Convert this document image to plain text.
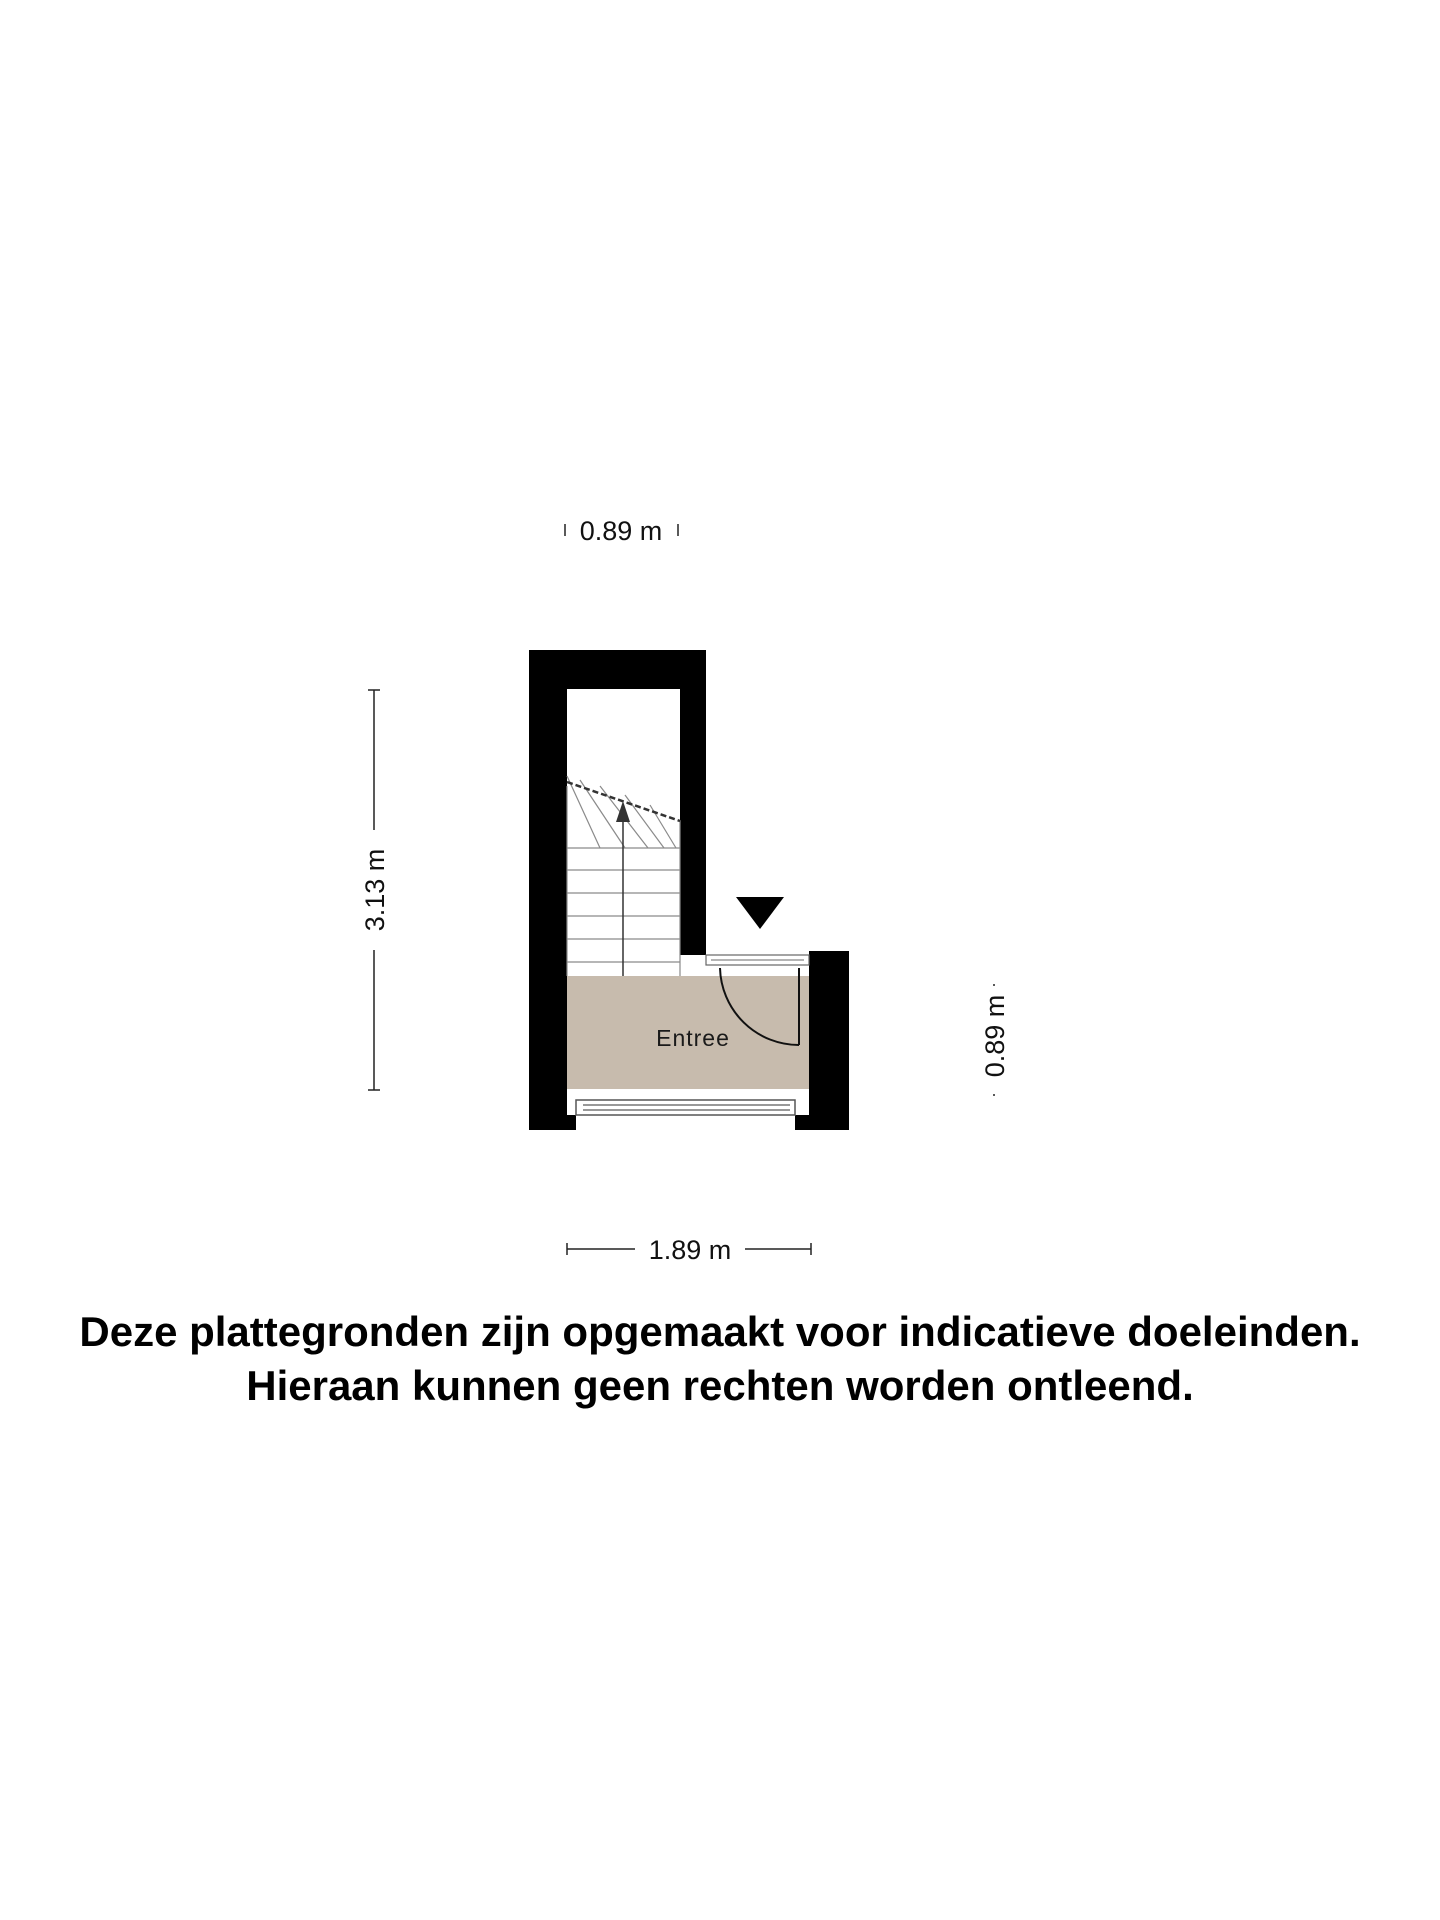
0.89 m
3.13 m
0.89 m
1.89 m
Entree
Deze plattegronden zijn opgemaakt voor indicatieve doeleinden.
Hieraan kunnen geen rechten worden ontleend.
